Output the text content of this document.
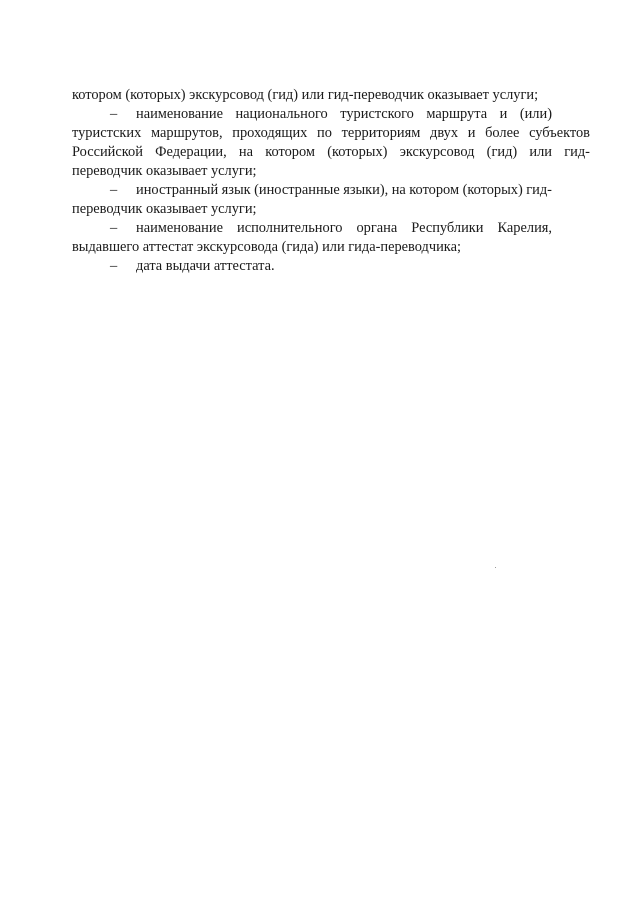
котором (которых) экскурсовод (гид) или гид-переводчик оказывает услуги;
– наименование национального туристского маршрута и (или)
туристских маршрутов, проходящих по территориям двух и более субъектов
Российской Федерации, на котором (которых) экскурсовод (гид) или гид-
переводчик оказывает услуги;
– иностранный язык (иностранные языки), на котором (которых) гид-
переводчик оказывает услуги;
– наименование исполнительного органа Республики Карелия,
выдавшего аттестат экскурсовода (гида) или гида-переводчика;
– дата выдачи аттестата.
